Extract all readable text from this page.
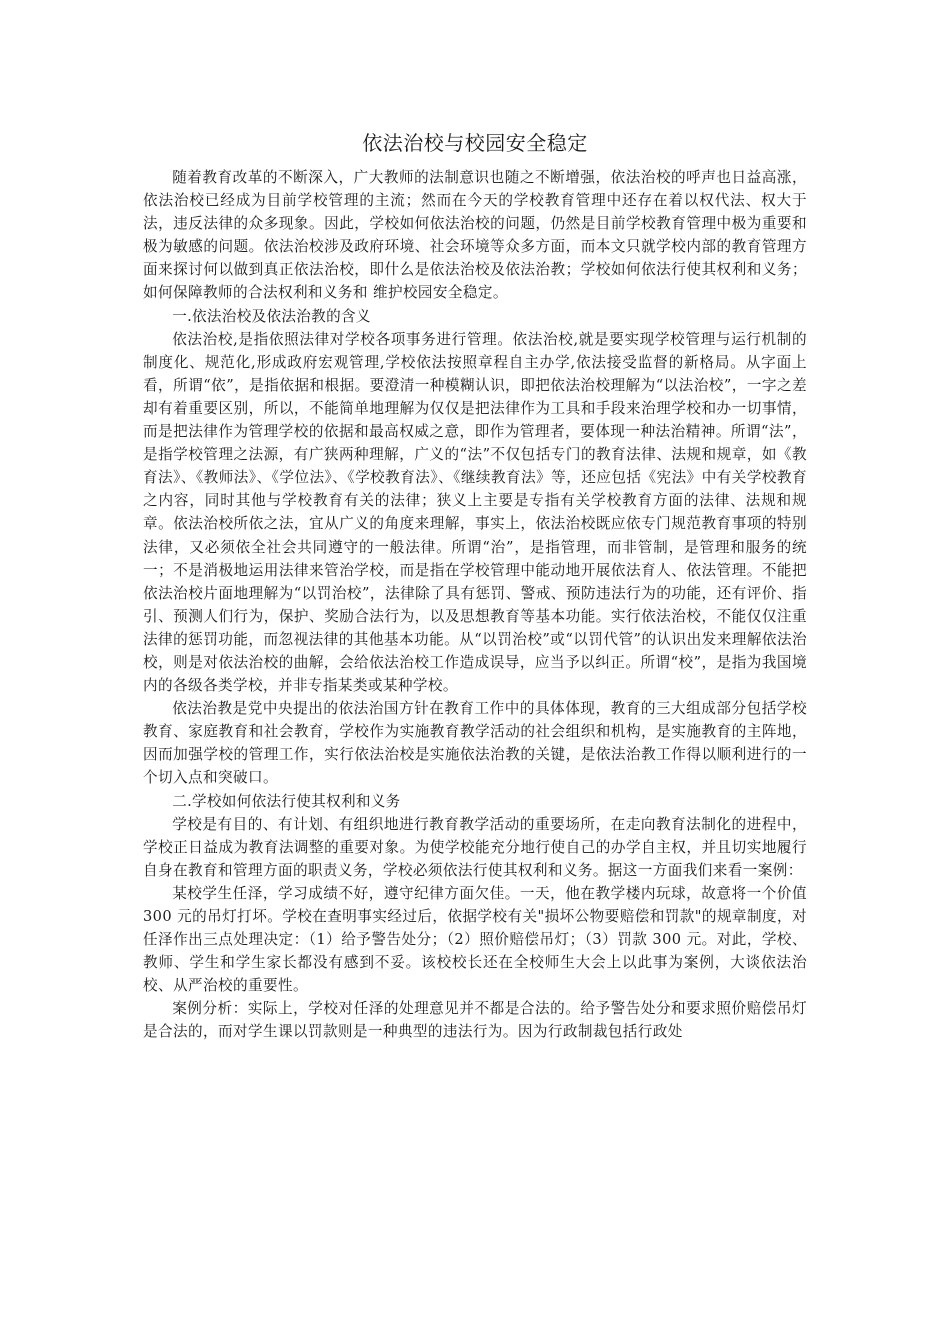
依法治校与校园安全稳定

随着教育改革的不断深入，广大教师的法制意识也随之不断增强，依法治校的呼声也日益高涨，依法治校已经成为目前学校管理的主流；然而在今天的学校教育管理中还存在着以权代法、权大于法，违反法律的众多现象。因此，学校如何依法治校的问题，仍然是目前学校教育管理中极为重要和极为敏感的问题。依法治校涉及政府环境、社会环境等众多方面，而本文只就学校内部的教育管理方面来探讨何以做到真正依法治校，即什么是依法治校及依法治教；学校如何依法行使其权利和义务；如何保障教师的合法权利和义务和 维护校园安全稳定。

一.依法治校及依法治教的含义

依法治校,是指依照法律对学校各项事务进行管理。依法治校,就是要实现学校管理与运行机制的制度化、规范化,形成政府宏观管理,学校依法按照章程自主办学,依法接受监督的新格局。从字面上看，所谓“依”，是指依据和根据。要澄清一种模糊认识，即把依法治校理解为“以法治校”，一字之差却有着重要区别，所以，不能简单地理解为仅仅是把法律作为工具和手段来治理学校和办一切事情，而是把法律作为管理学校的依据和最高权威之意，即作为管理者，要体现一种法治精神。所谓“法”，是指学校管理之法源，有广狭两种理解，广义的“法”不仅包括专门的教育法律、法规和规章，如《教育法》、《教师法》、《学位法》、《学校教育法》、《继续教育法》等，还应包括《宪法》中有关学校教育之内容，同时其他与学校教育有关的法律；狭义上主要是专指有关学校教育方面的法律、法规和规章。依法治校所依之法，宜从广义的角度来理解，事实上，依法治校既应依专门规范教育事项的特别法律，又必须依全社会共同遵守的一般法律。所谓“治”，是指管理，而非管制，是管理和服务的统一；不是消极地运用法律来管治学校，而是指在学校管理中能动地开展依法育人、依法管理。不能把依法治校片面地理解为“以罚治校”，法律除了具有惩罚、警戒、预防违法行为的功能，还有评价、指引、预测人们行为，保护、奖励合法行为，以及思想教育等基本功能。实行依法治校，不能仅仅注重法律的惩罚功能，而忽视法律的其他基本功能。从“以罚治校”或“以罚代管”的认识出发来理解依法治校，则是对依法治校的曲解，会给依法治校工作造成误导，应当予以纠正。所谓“校”，是指为我国境内的各级各类学校，并非专指某类或某种学校。

依法治教是党中央提出的依法治国方针在教育工作中的具体体现，教育的三大组成部分包括学校教育、家庭教育和社会教育，学校作为实施教育教学活动的社会组织和机构，是实施教育的主阵地，因而加强学校的管理工作，实行依法治校是实施依法治教的关键，是依法治教工作得以顺利进行的一个切入点和突破口。

二.学校如何依法行使其权利和义务

学校是有目的、有计划、有组织地进行教育教学活动的重要场所，在走向教育法制化的进程中，学校正日益成为教育法调整的重要对象。为使学校能充分地行使自己的办学自主权，并且切实地履行自身在教育和管理方面的职责义务，学校必须依法行使其权利和义务。据这一方面我们来看一案例：

某校学生任泽，学习成绩不好，遵守纪律方面欠佳。一天，他在教学楼内玩球，故意将一个价值 300 元的吊灯打坏。学校在查明事实经过后，依据学校有关"损坏公物要赔偿和罚款"的规章制度，对任泽作出三点处理决定：（1）给予警告处分；（2）照价赔偿吊灯；（3）罚款 300 元。对此，学校、教师、学生和学生家长都没有感到不妥。该校校长还在全校师生大会上以此事为案例，大谈依法治校、从严治校的重要性。

案例分析：实际上，学校对任泽的处理意见并不都是合法的。给予警告处分和要求照价赔偿吊灯是合法的，而对学生课以罚款则是一种典型的违法行为。因为行政制裁包括行政处
